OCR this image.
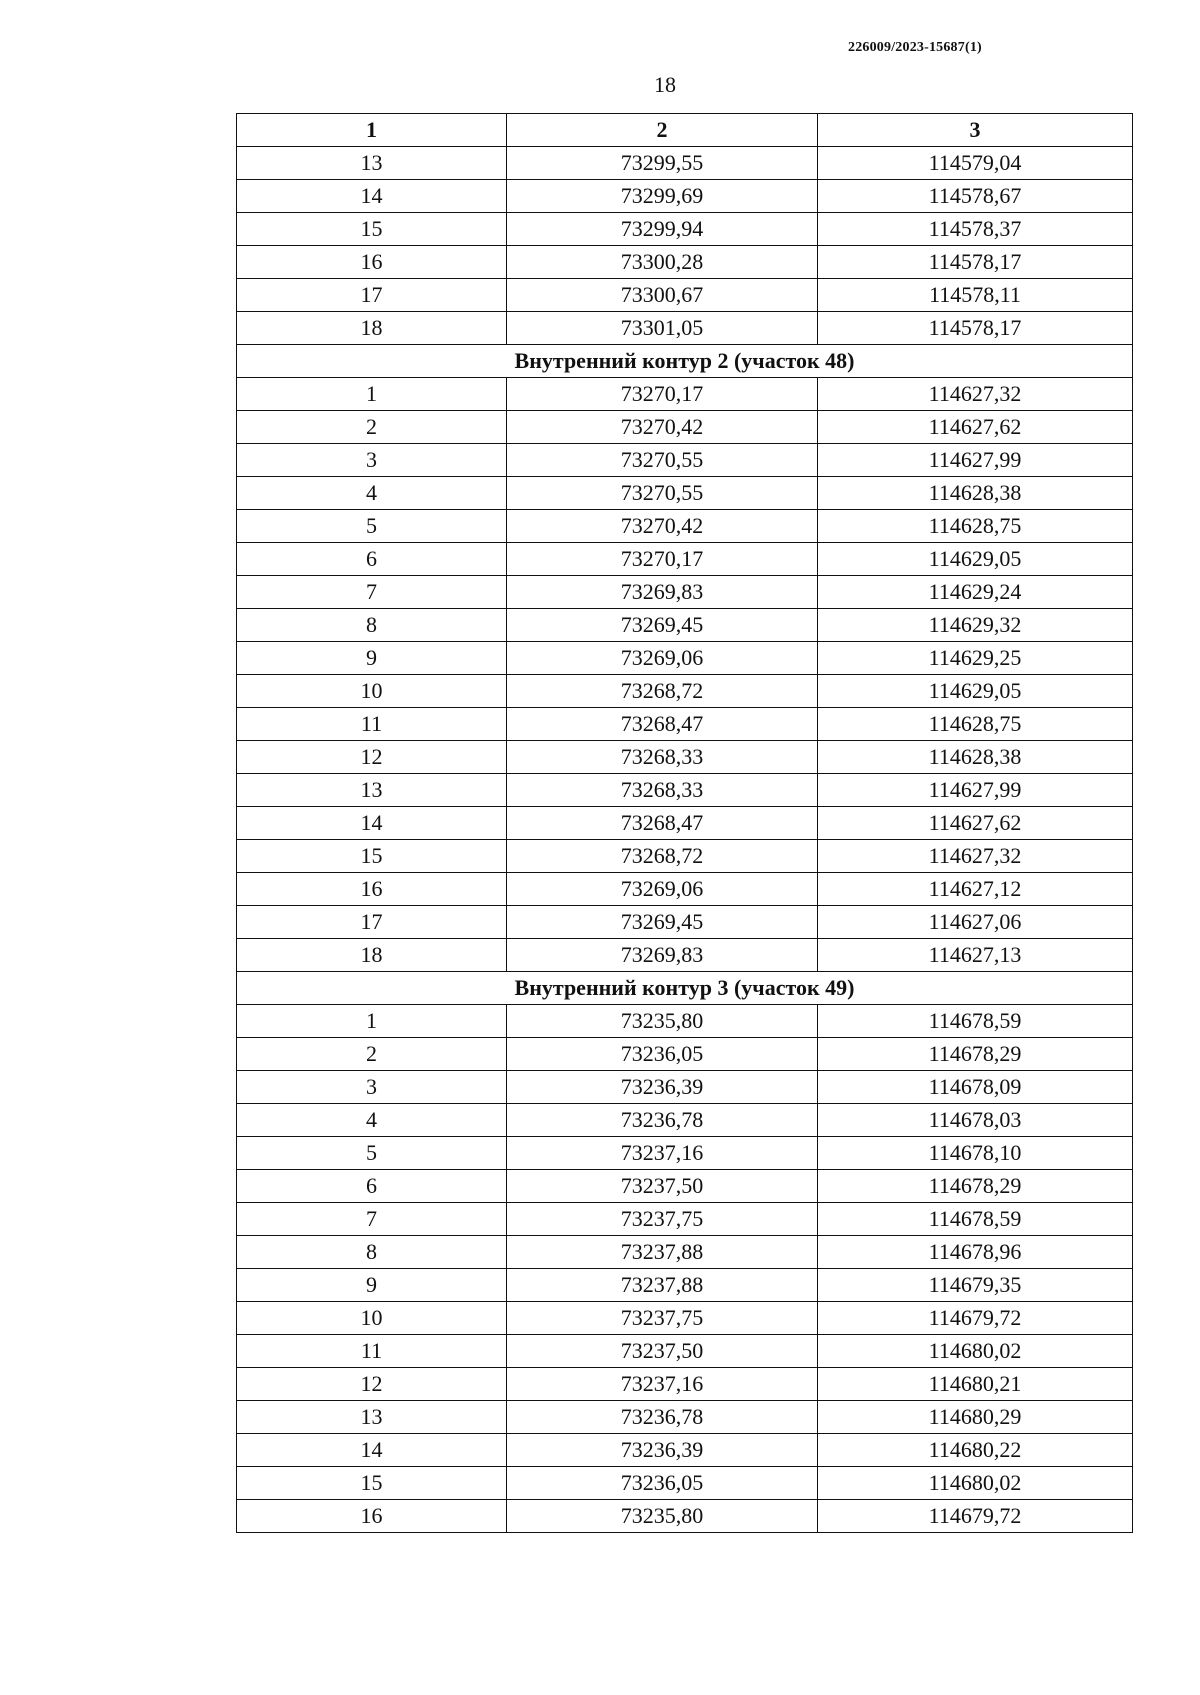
226009/2023-15687(1)
18
1	2	3
13	73299,55	114579,04
14	73299,69	114578,67
15	73299,94	114578,37
16	73300,28	114578,17
17	73300,67	114578,11
18	73301,05	114578,17
Внутренний контур 2 (участок 48)		
1	73270,17	114627,32
2	73270,42	114627,62
3	73270,55	114627,99
4	73270,55	114628,38
5	73270,42	114628,75
6	73270,17	114629,05
7	73269,83	114629,24
8	73269,45	114629,32
9	73269,06	114629,25
10	73268,72	114629,05
11	73268,47	114628,75
12	73268,33	114628,38
13	73268,33	114627,99
14	73268,47	114627,62
15	73268,72	114627,32
16	73269,06	114627,12
17	73269,45	114627,06
18	73269,83	114627,13
Внутренний контур 3 (участок 49)		
1	73235,80	114678,59
2	73236,05	114678,29
3	73236,39	114678,09
4	73236,78	114678,03
5	73237,16	114678,10
6	73237,50	114678,29
7	73237,75	114678,59
8	73237,88	114678,96
9	73237,88	114679,35
10	73237,75	114679,72
11	73237,50	114680,02
12	73237,16	114680,21
13	73236,78	114680,29
14	73236,39	114680,22
15	73236,05	114680,02
16	73235,80	114679,72
